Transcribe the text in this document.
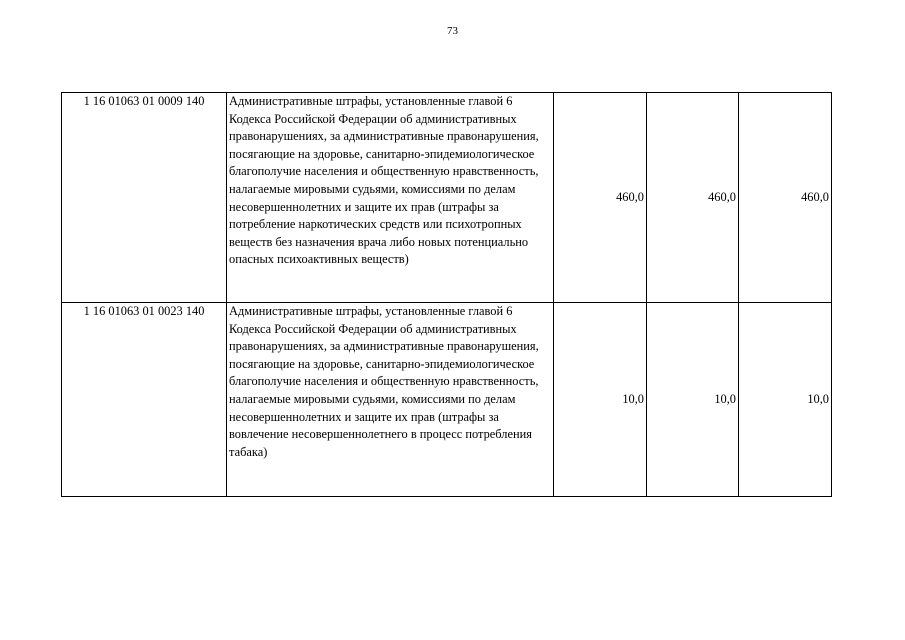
73
1 16 01063 01 0009 140	Административные штрафы, установленные главой 6 Кодекса Российской Федерации об административных правонарушениях, за административные правонарушения, посягающие на здоровье, санитарно-эпидемиологическое благополучие населения и общественную нравственность, налагаемые мировыми судьями, комиссиями по делам несовершеннолетних и защите их прав (штрафы за потребление наркотических средств или психотропных веществ без назначения врача либо новых потенциально опасных психоактивных веществ)	460,0	460,0	460,0
1 16 01063 01 0023 140	Административные штрафы, установленные главой 6 Кодекса Российской Федерации об административных правонарушениях, за административные правонарушения, посягающие на здоровье, санитарно-эпидемиологическое благополучие населения и общественную нравственность, налагаемые мировыми судьями, комиссиями по делам несовершеннолетних и защите их прав (штрафы за вовлечение несовершеннолетнего в процесс потребления табака)	10,0	10,0	10,0
